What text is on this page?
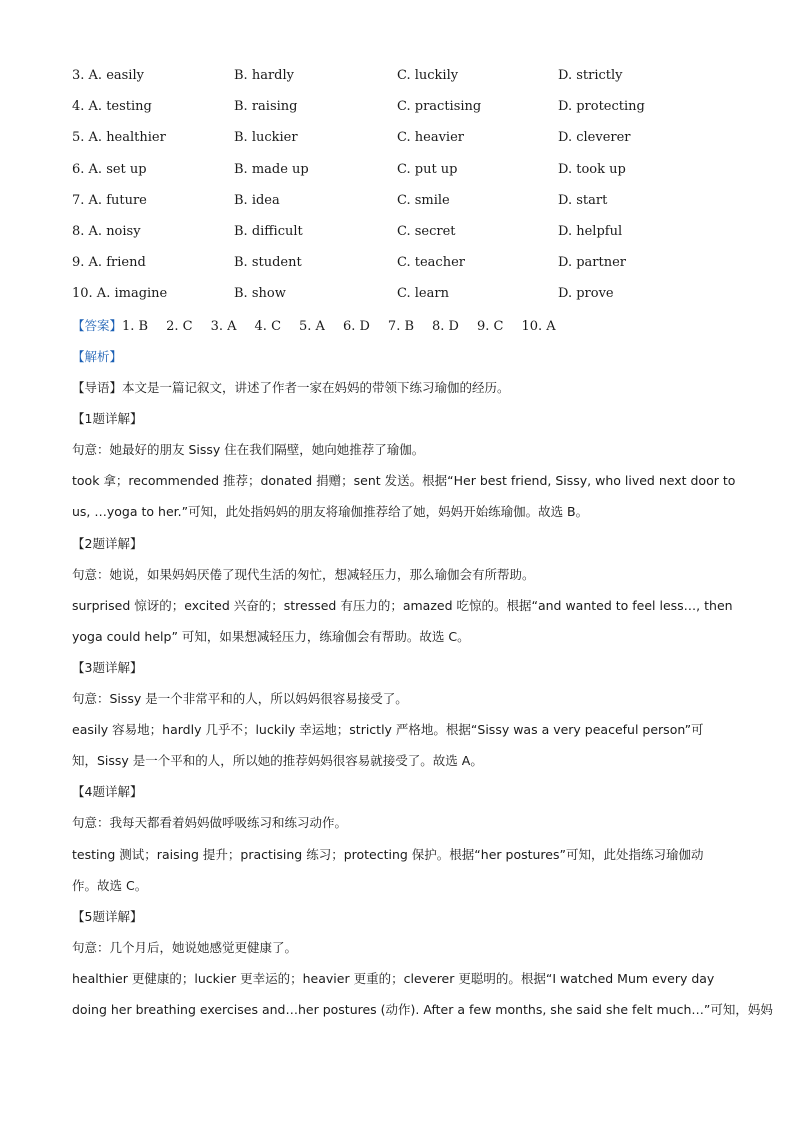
3. A. easily	B. hardly	C. luckily	D. strictly
4. A. testing	B. raising	C. practising	D. protecting
5. A. healthier	B. luckier	C. heavier	D. cleverer
6. A. set up	B. made up	C. put up	D. took up
7. A. future	B. idea	C. smile	D. start
8. A. noisy	B. difficult	C. secret	D. helpful
9. A. friend	B. student	C. teacher	D. partner
10. A. imagine	B. show	C. learn	D. prove
【答案】1. B 2. C 3. A 4. C 5. A 6. D 7. B 8. D 9. C 10. A
【解析】
【导语】本文是一篇记叙文，讲述了作者一家在妈妈的带领下练习瑜伽的经历。
【1题详解】
句意：她最好的朋友 Sissy 住在我们隔壁，她向她推荐了瑜伽。
took 拿；recommended 推荐；donated 捐赠；sent 发送。根据“Her best friend, Sissy, who lived next door to
us, …yoga to her.”可知，此处指妈妈的朋友将瑜伽推荐给了她，妈妈开始练瑜伽。故选 B。
【2题详解】
句意：她说，如果妈妈厌倦了现代生活的匆忙，想减轻压力，那么瑜伽会有所帮助。
surprised 惊讶的；excited 兴奋的；stressed 有压力的；amazed 吃惊的。根据“and wanted to feel less…, then
yoga could help” 可知，如果想减轻压力，练瑜伽会有帮助。故选 C。
【3题详解】
句意：Sissy 是一个非常平和的人，所以妈妈很容易接受了。
easily 容易地；hardly 几乎不；luckily 幸运地；strictly 严格地。根据“Sissy was a very peaceful person”可
知，Sissy 是一个平和的人，所以她的推荐妈妈很容易就接受了。故选 A。
【4题详解】
句意：我每天都看着妈妈做呼吸练习和练习动作。
testing 测试；raising 提升；practising 练习；protecting 保护。根据“her postures”可知，此处指练习瑜伽动
作。故选 C。
【5题详解】
句意：几个月后，她说她感觉更健康了。
healthier 更健康的；luckier 更幸运的；heavier 更重的；cleverer 更聪明的。根据“I watched Mum every day
doing her breathing exercises and…her postures (动作). After a few months, she said she felt much…”可知，妈妈
